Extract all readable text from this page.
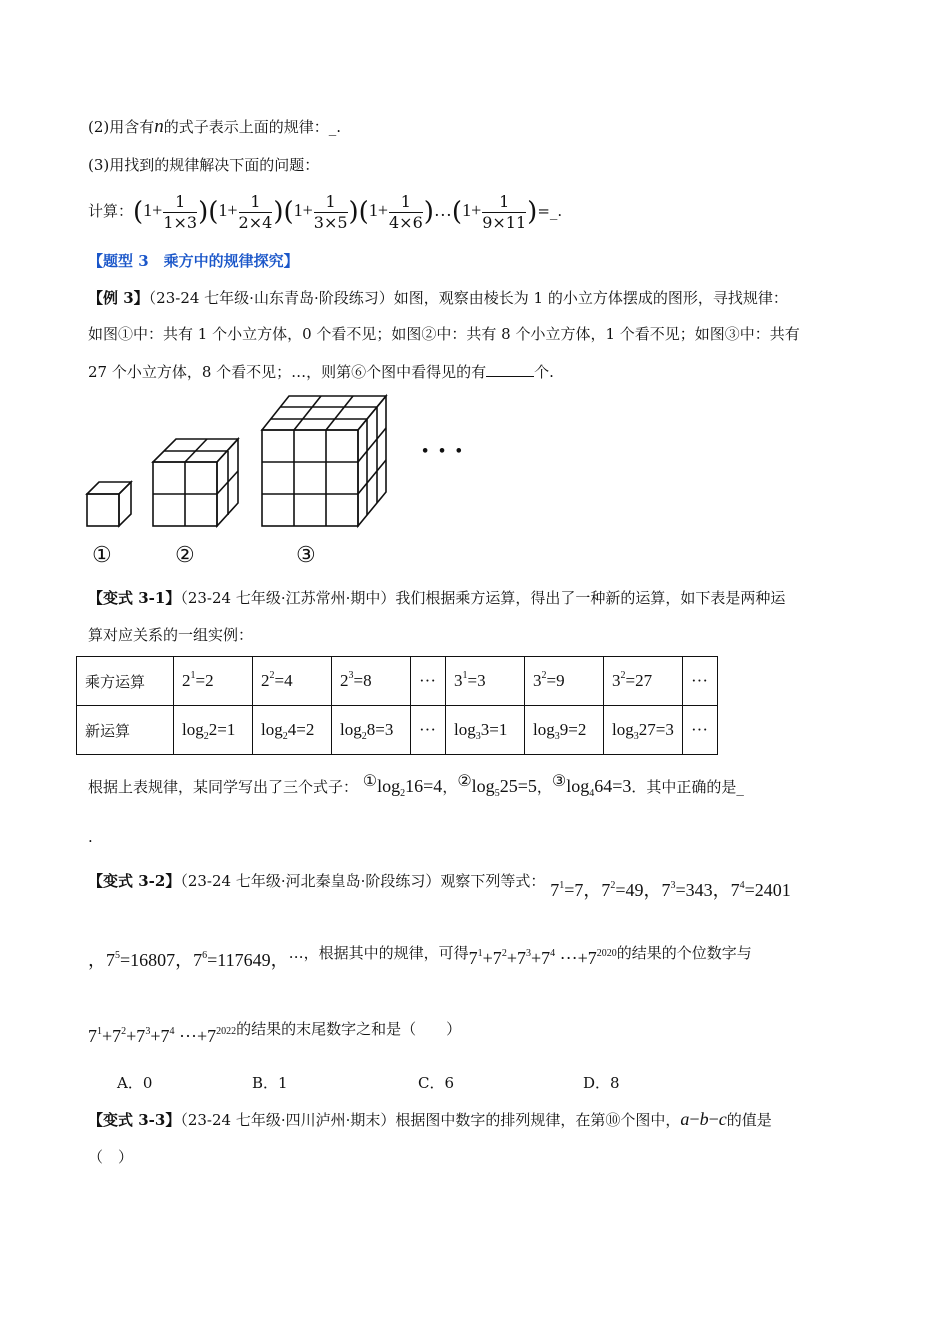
(2)用含有n的式子表示上面的规律：_.
(3)用找到的规律解决下面的问题：
计算：$(1+ \frac{1}{1\times 3} )(1+ \frac{1}{2\times 4} )(1+ \frac{1}{3\times 5} )(1+ \frac{1}{4\times 6}$ )…(1+ $\frac{1}{9\times 11}$ )=_.
【题型 3　乘方中的规律探究】
【例 3】（23-24 七年级·山东青岛·阶段练习）如图，观察由棱长为 1 的小立方体摆成的图形，寻找规律：
如图①中：共有 1 个小立方体，0 个看不见；如图②中：共有 8 个小立方体，1 个看不见；如图③中：共有
27 个小立方体，8 个看不见；…，则第⑥个图中看得见的有	个.
• • •
①	②	③
【变式 3-1】（23-24 七年级·江苏常州·期中）我们根据乘方运算，得出了一种新的运算，如下表是两种运
算对应关系的一组实例：
乘方运算	$2^1=2$	$2^2=4$	$2^3=8$	···	$3^1=3$	$3^2=9$	$3^2=27$	···
新运算	$\log_22=1$	$\log_24=2$	$\log_28=3$	···	$\log_33=1$	$\log_39=2$	$\log_327=3$	···
根据上表规律，某同学写出了三个式子： $①\log_216=4$，$②\log_525=5$，$③\log_464=3$．其中正确的是_
.
【变式 3-2】（23-24 七年级·河北秦皇岛·阶段练习）观察下列等式： $7^1=7$，$7^2=49$，$7^3=343$，$7^4=2401$
，$7^5=16807$，$7^6=117649$，…，根据其中的规律，可得$7^1+7^2+7^3+7^4 \cdot\cdot\cdot+7^{2020}$的结果的个位数字与
$7^1+7^2+7^3+7^4 \cdot\cdot\cdot+7^{2022}$的结果的末尾数字之和是（　　）
A．0	B．1	C．6	D．8
【变式 3-3】（23-24 七年级·四川泸州·期末）根据图中数字的排列规律，在第⑩个图中，a−b−c的值是
（　）
